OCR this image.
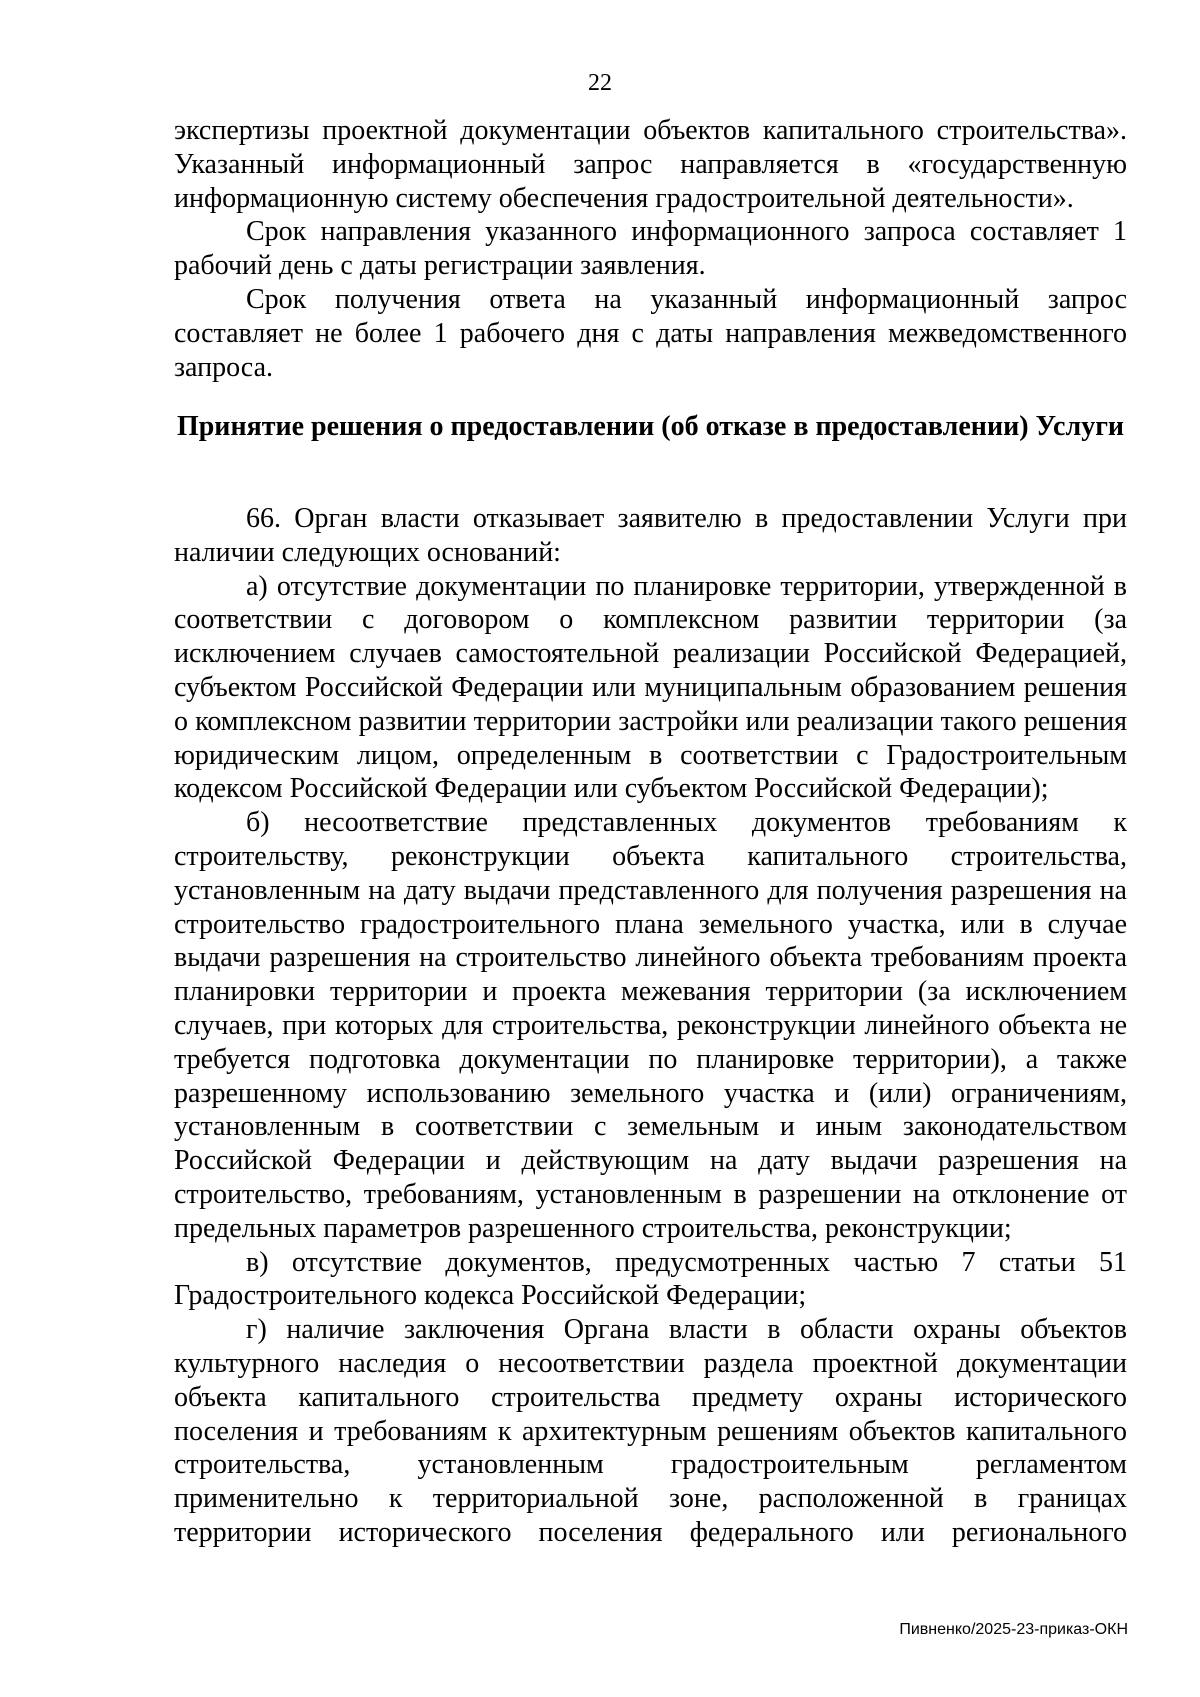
22

экспертизы проектной документации объектов капитального строительства». Указанный информационный запрос направляется в «государственную информационную систему обеспечения градостроительной деятельности».

Срок направления указанного информационного запроса составляет 1 рабочий день с даты регистрации заявления.

Срок получения ответа на указанный информационный запрос составляет не более 1 рабочего дня с даты направления межведомственного запроса.

Принятие решения о предоставлении (об отказе в предоставлении) Услуги

66. Орган власти отказывает заявителю в предоставлении Услуги при наличии следующих оснований:

а) отсутствие документации по планировке территории, утвержденной в соответствии с договором о комплексном развитии территории (за исключением случаев самостоятельной реализации Российской Федерацией, субъектом Российской Федерации или муниципальным образованием решения о комплексном развитии территории застройки или реализации такого решения юридическим лицом, определенным в соответствии с Градостроительным кодексом Российской Федерации или субъектом Российской Федерации);

б) несоответствие представленных документов требованиям к строительству, реконструкции объекта капитального строительства, установленным на дату выдачи представленного для получения разрешения на строительство градостроительного плана земельного участка, или в случае выдачи разрешения на строительство линейного объекта требованиям проекта планировки территории и проекта межевания территории (за исключением случаев, при которых для строительства, реконструкции линейного объекта не требуется подготовка документации по планировке территории), а также разрешенному использованию земельного участка и (или) ограничениям, установленным в соответствии с земельным и иным законодательством Российской Федерации и действующим на дату выдачи разрешения на строительство, требованиям, установленным в разрешении на отклонение от предельных параметров разрешенного строительства, реконструкции;

в) отсутствие документов, предусмотренных частью 7 статьи 51 Градостроительного кодекса Российской Федерации;

г) наличие заключения Органа власти в области охраны объектов культурного наследия о несоответствии раздела проектной документации объекта капитального строительства предмету охраны исторического поселения и требованиям к архитектурным решениям объектов капитального строительства, установленным градостроительным регламентом применительно к территориальной зоне, расположенной в границах территории исторического поселения федерального или регионального

Пивненко/2025-23-приказ-ОКН
